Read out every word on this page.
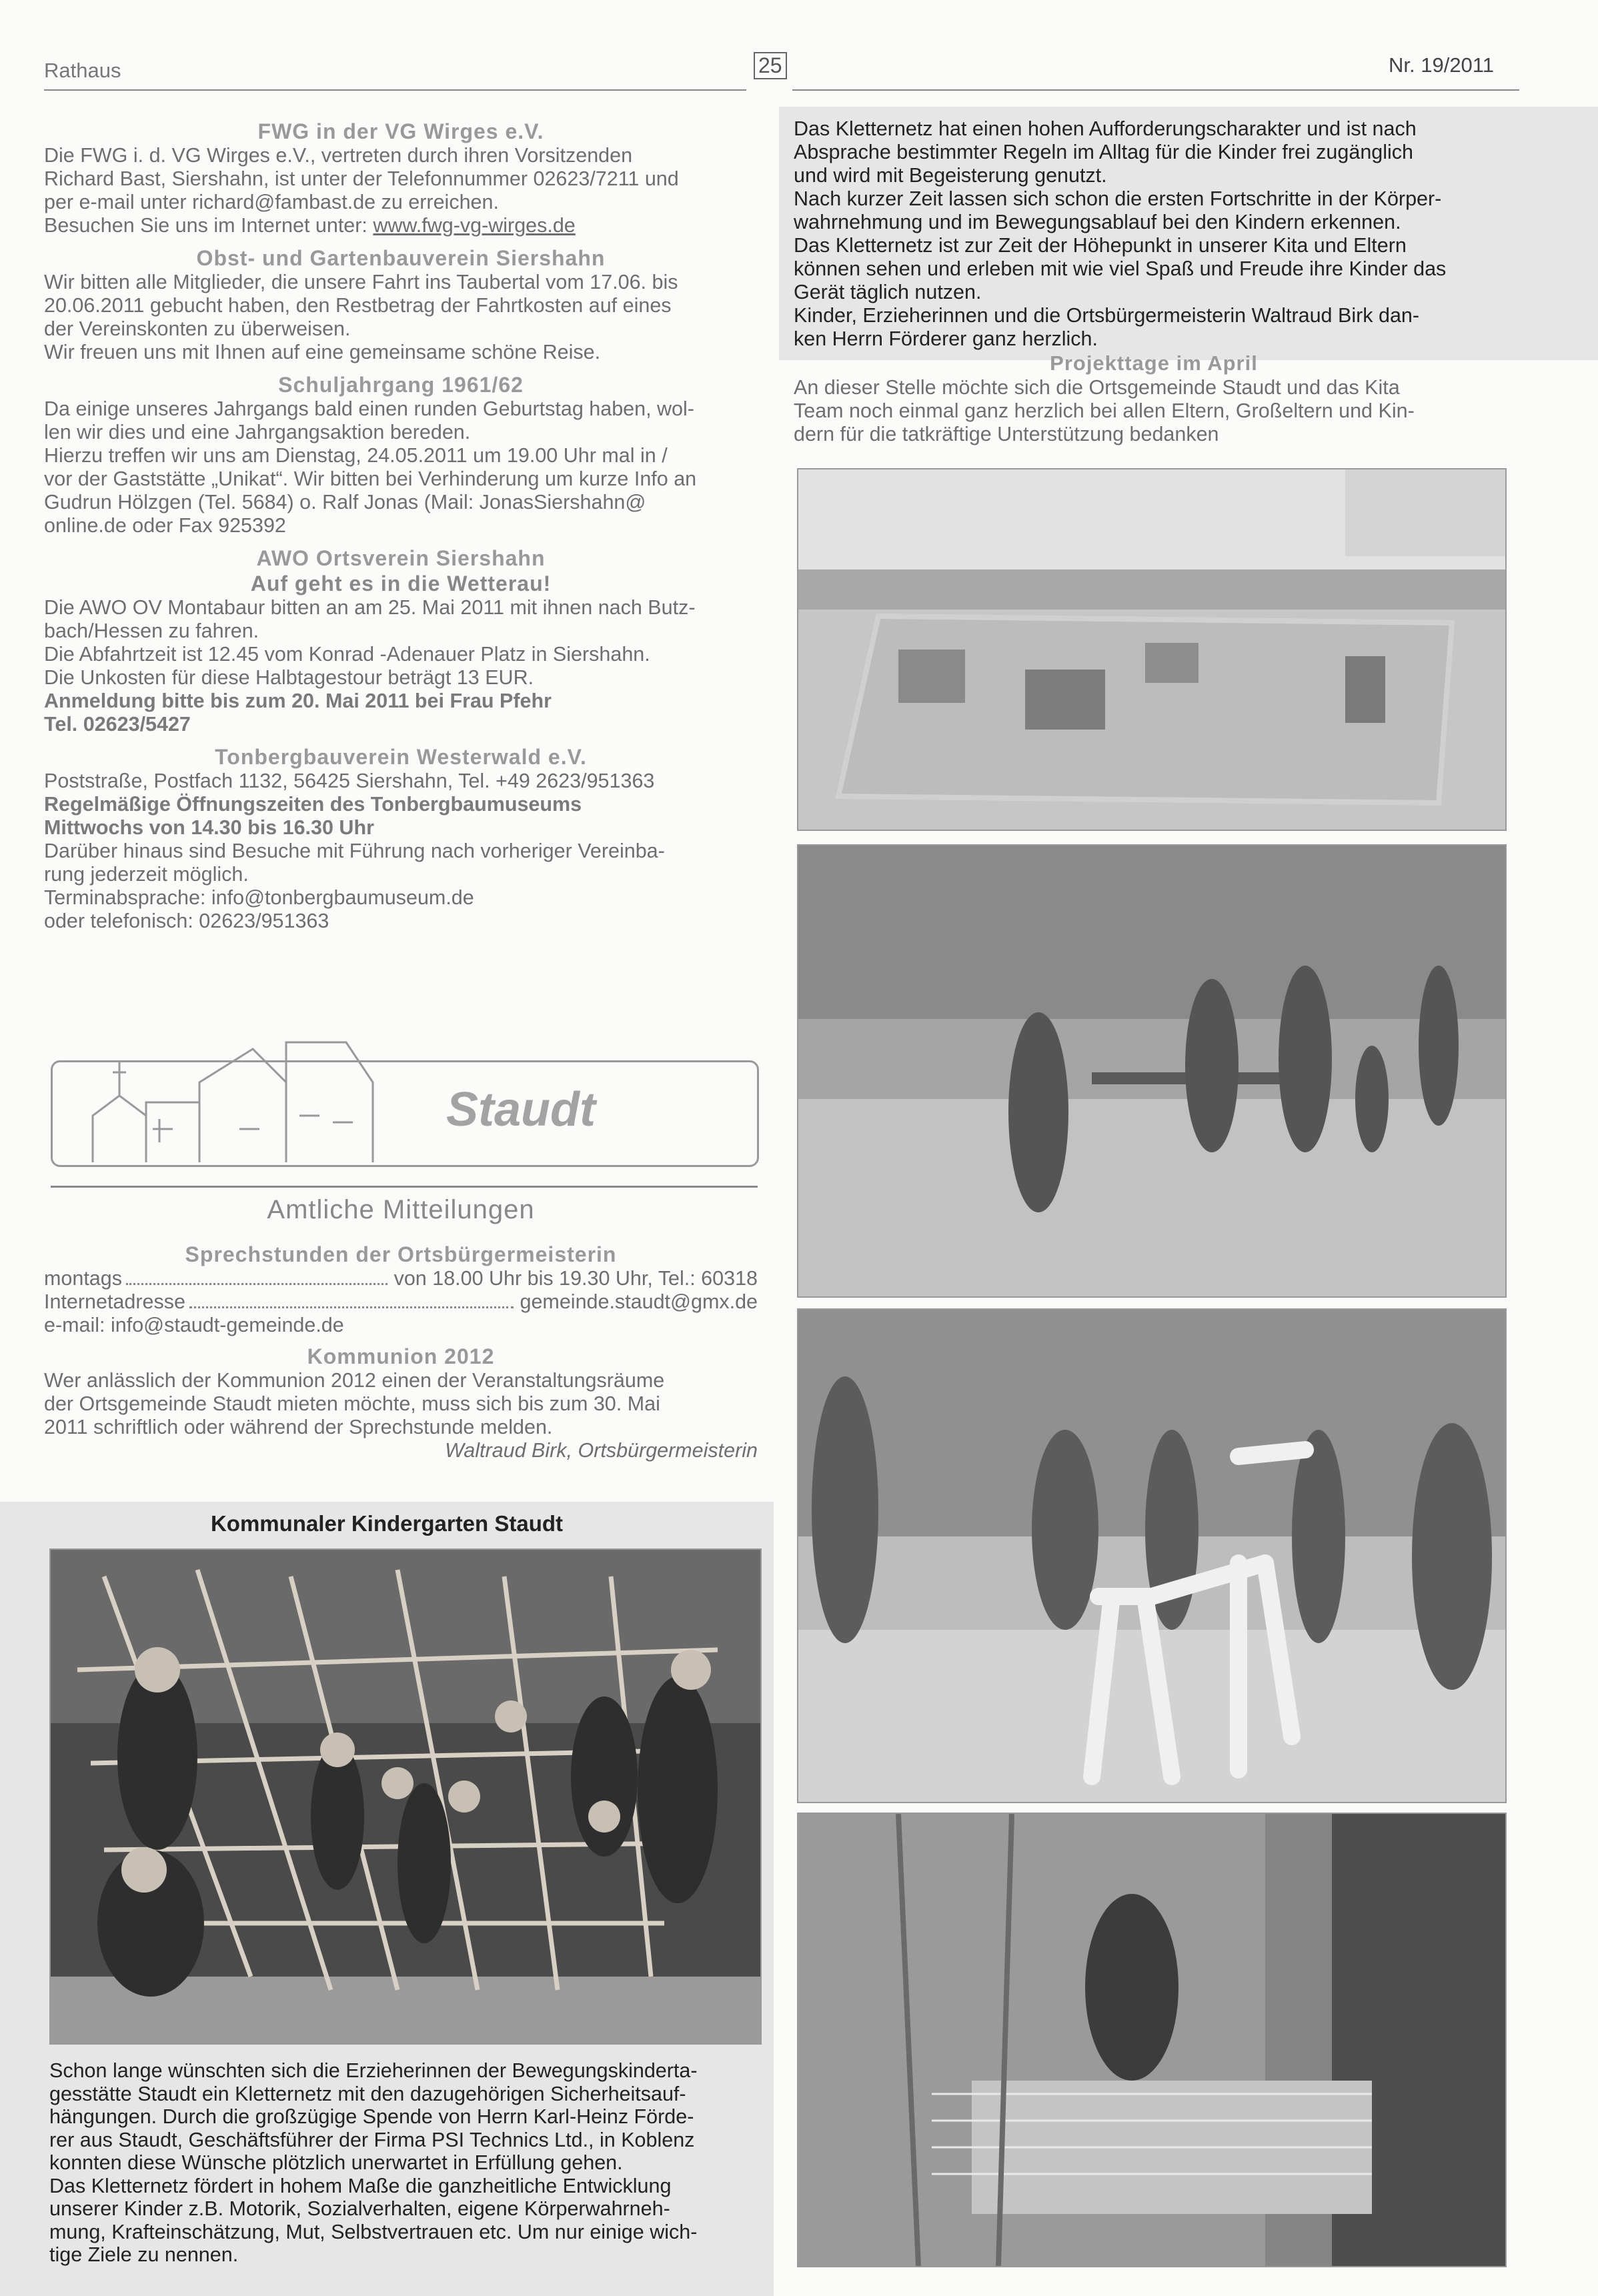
Rathaus	25	Nr. 19/2011

FWG in der VG Wirges e.V.

Die FWG i. d. VG Wirges e.V., vertreten durch ihren Vorsitzenden

Richard Bast, Siershahn, ist unter der Telefonnummer 02623/7211 und

per e-mail unter richard@fambast.de zu erreichen.

Besuchen Sie uns im Internet unter: www.fwg-vg-wirges.de

Obst- und Gartenbauverein Siershahn

Wir bitten alle Mitglieder, die unsere Fahrt ins Taubertal vom 17.06. bis

20.06.2011 gebucht haben, den Restbetrag der Fahrtkosten auf eines

der Vereinskonten zu überweisen.

Wir freuen uns mit Ihnen auf eine gemeinsame schöne Reise.

Schuljahrgang 1961/62

Da einige unseres Jahrgangs bald einen runden Geburtstag haben, wol-

len wir dies und eine Jahrgangsaktion bereden.

Hierzu treffen wir uns am Dienstag, 24.05.2011 um 19.00 Uhr mal in /

vor der Gaststätte „Unikat“. Wir bitten bei Verhinderung um kurze Info an

Gudrun Hölzgen (Tel. 5684) o. Ralf Jonas (Mail: JonasSiershahn@

online.de oder Fax 925392

AWO Ortsverein Siershahn

Auf geht es in die Wetterau!

Die AWO OV Montabaur bitten an am 25. Mai 2011 mit ihnen nach Butz-

bach/Hessen zu fahren.

Die Abfahrtzeit ist 12.45 vom Konrad -Adenauer Platz in Siershahn.

Die Unkosten für diese Halbtagestour beträgt 13 EUR.

Anmeldung bitte bis zum 20. Mai 2011 bei Frau Pfehr

Tel. 02623/5427

Tonbergbauverein Westerwald e.V.

Poststraße, Postfach 1132, 56425 Siershahn, Tel. +49 2623/951363

Regelmäßige Öffnungszeiten des Tonbergbaumuseums

Mittwochs von 14.30 bis 16.30 Uhr

Darüber hinaus sind Besuche mit Führung nach vorheriger Vereinba-

rung jederzeit möglich.

Terminabsprache: info@tonbergbaumuseum.de

oder telefonisch: 02623/951363

Staudt

Amtliche Mitteilungen

Sprechstunden der Ortsbürgermeisterin

montags	von 18.00 Uhr bis 19.30 Uhr, Tel.: 60318
Internetadresse	gemeinde.staudt@gmx.de

e-mail: info@staudt-gemeinde.de

Kommunion 2012

Wer anlässlich der Kommunion 2012 einen der Veranstaltungsräume

der Ortsgemeinde Staudt mieten möchte, muss sich bis zum 30. Mai

2011 schriftlich oder während der Sprechstunde melden.

Waltraud Birk, Ortsbürgermeisterin

Kommunaler Kindergarten Staudt

Schon lange wünschten sich die Erzieherinnen der Bewegungskinderta-

gesstätte Staudt ein Kletternetz mit den dazugehörigen Sicherheitsauf-

hängungen. Durch die großzügige Spende von Herrn Karl-Heinz Förde-

rer aus Staudt, Geschäftsführer der Firma PSI Technics Ltd., in Koblenz

konnten diese Wünsche plötzlich unerwartet in Erfüllung gehen.

Das Kletternetz fördert in hohem Maße die ganzheitliche Entwicklung

unserer Kinder z.B. Motorik, Sozialverhalten, eigene Körperwahrneh-

mung, Krafteinschätzung, Mut, Selbstvertrauen etc. Um nur einige wich-

tige Ziele zu nennen.

Das Kletternetz hat einen hohen Aufforderungscharakter und ist nach

Absprache bestimmter Regeln im Alltag für die Kinder frei zugänglich

und wird mit Begeisterung genutzt.

Nach kurzer Zeit lassen sich schon die ersten Fortschritte in der Körper-

wahrnehmung und im Bewegungsablauf bei den Kindern erkennen.

Das Kletternetz ist zur Zeit der Höhepunkt in unserer Kita und Eltern

können sehen und erleben mit wie viel Spaß und Freude ihre Kinder das

Gerät täglich nutzen.

Kinder, Erzieherinnen und die Ortsbürgermeisterin Waltraud Birk dan-

ken Herrn Förderer ganz herzlich.

Projekttage im April

An dieser Stelle möchte sich die Ortsgemeinde Staudt und das Kita

Team noch einmal ganz herzlich bei allen Eltern, Großeltern und Kin-

dern für die tatkräftige Unterstützung bedanken
